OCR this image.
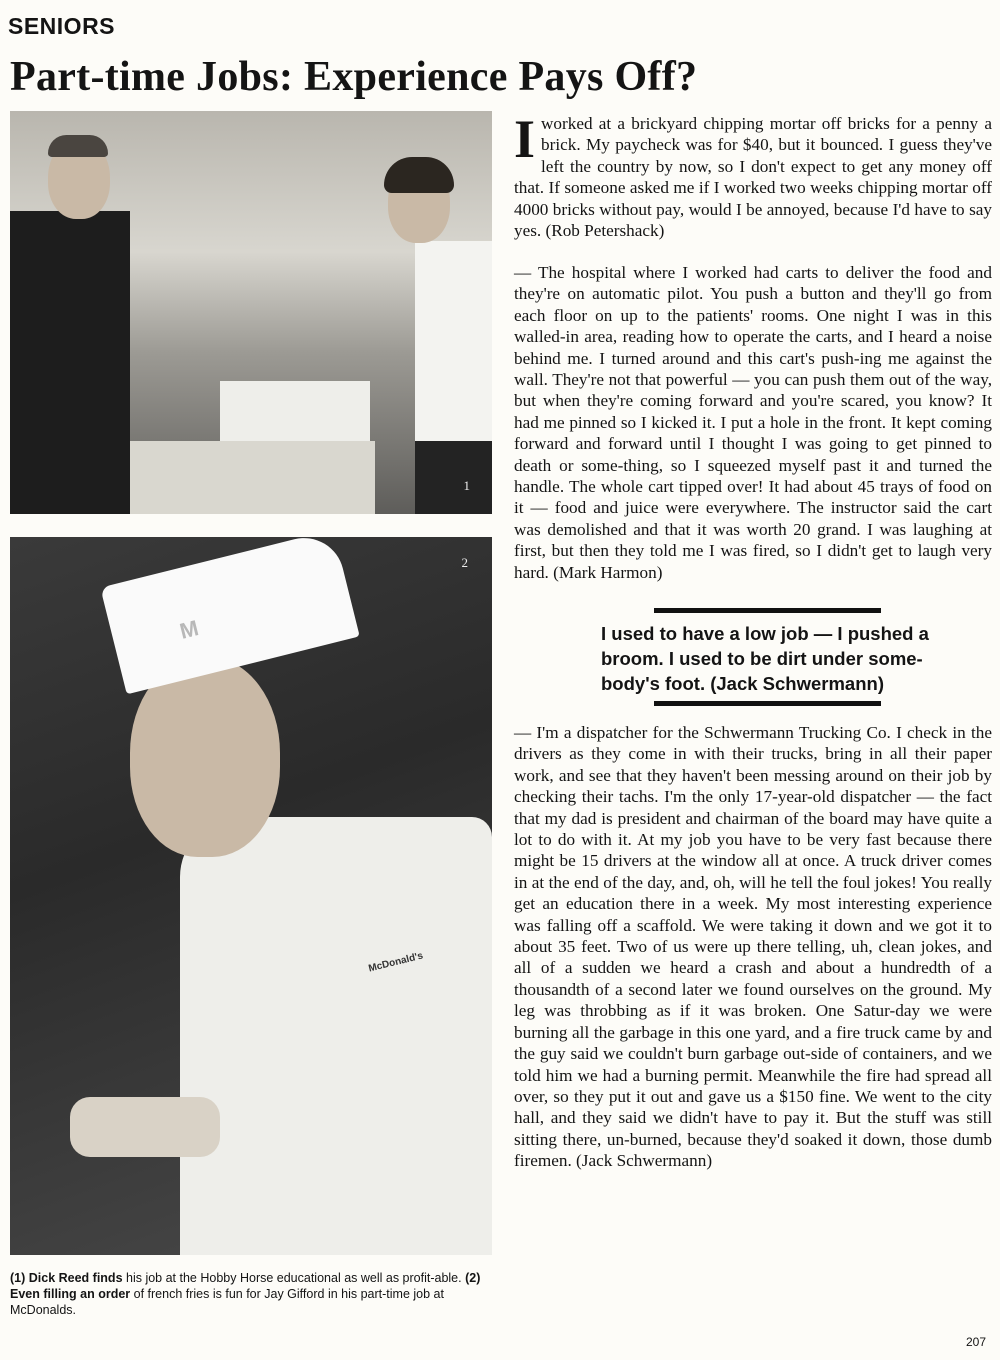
SENIORS
Part-time Jobs: Experience Pays Off?
1
M
McDonald's
2
(1) Dick Reed finds his job at the Hobby Horse educational as well as profit-able. (2) Even filling an order of french fries is fun for Jay Gifford in his part-time job at McDonalds.
Iworked at a brickyard chipping mortar off bricks for a penny a brick. My paycheck was for $40, but it bounced. I guess they've left the country by now, so I don't expect to get any money off that. If someone asked me if I worked two weeks chipping mortar off 4000 bricks without pay, would I be annoyed, because I'd have to say yes. (Rob Petershack)
— The hospital where I worked had carts to deliver the food and they're on automatic pilot. You push a button and they'll go from each floor on up to the patients' rooms. One night I was in this walled-in area, reading how to operate the carts, and I heard a noise behind me. I turned around and this cart's push-ing me against the wall. They're not that powerful — you can push them out of the way, but when they're coming forward and you're scared, you know? It had me pinned so I kicked it. I put a hole in the front. It kept coming forward and forward until I thought I was going to get pinned to death or some-thing, so I squeezed myself past it and turned the handle. The whole cart tipped over! It had about 45 trays of food on it — food and juice were everywhere. The instructor said the cart was demolished and that it was worth 20 grand. I was laughing at first, but then they told me I was fired, so I didn't get to laugh very hard. (Mark Harmon)
I used to have a low job — I pushed a broom. I used to be dirt under some-body's foot. (Jack Schwermann)
— I'm a dispatcher for the Schwermann Trucking Co. I check in the drivers as they come in with their trucks, bring in all their paper work, and see that they haven't been messing around on their job by checking their tachs. I'm the only 17-year-old dispatcher — the fact that my dad is president and chairman of the board may have quite a lot to do with it. At my job you have to be very fast because there might be 15 drivers at the window all at once. A truck driver comes in at the end of the day, and, oh, will he tell the foul jokes! You really get an education there in a week. My most interesting experience was falling off a scaffold. We were taking it down and we got it to about 35 feet. Two of us were up there telling, uh, clean jokes, and all of a sudden we heard a crash and about a hundredth of a thousandth of a second later we found ourselves on the ground. My leg was throbbing as if it was broken. One Satur-day we were burning all the garbage in this one yard, and a fire truck came by and the guy said we couldn't burn garbage out-side of containers, and we told him we had a burning permit. Meanwhile the fire had spread all over, so they put it out and gave us a $150 fine. We went to the city hall, and they said we didn't have to pay it. But the stuff was still sitting there, un-burned, because they'd soaked it down, those dumb firemen. (Jack Schwermann)
207
